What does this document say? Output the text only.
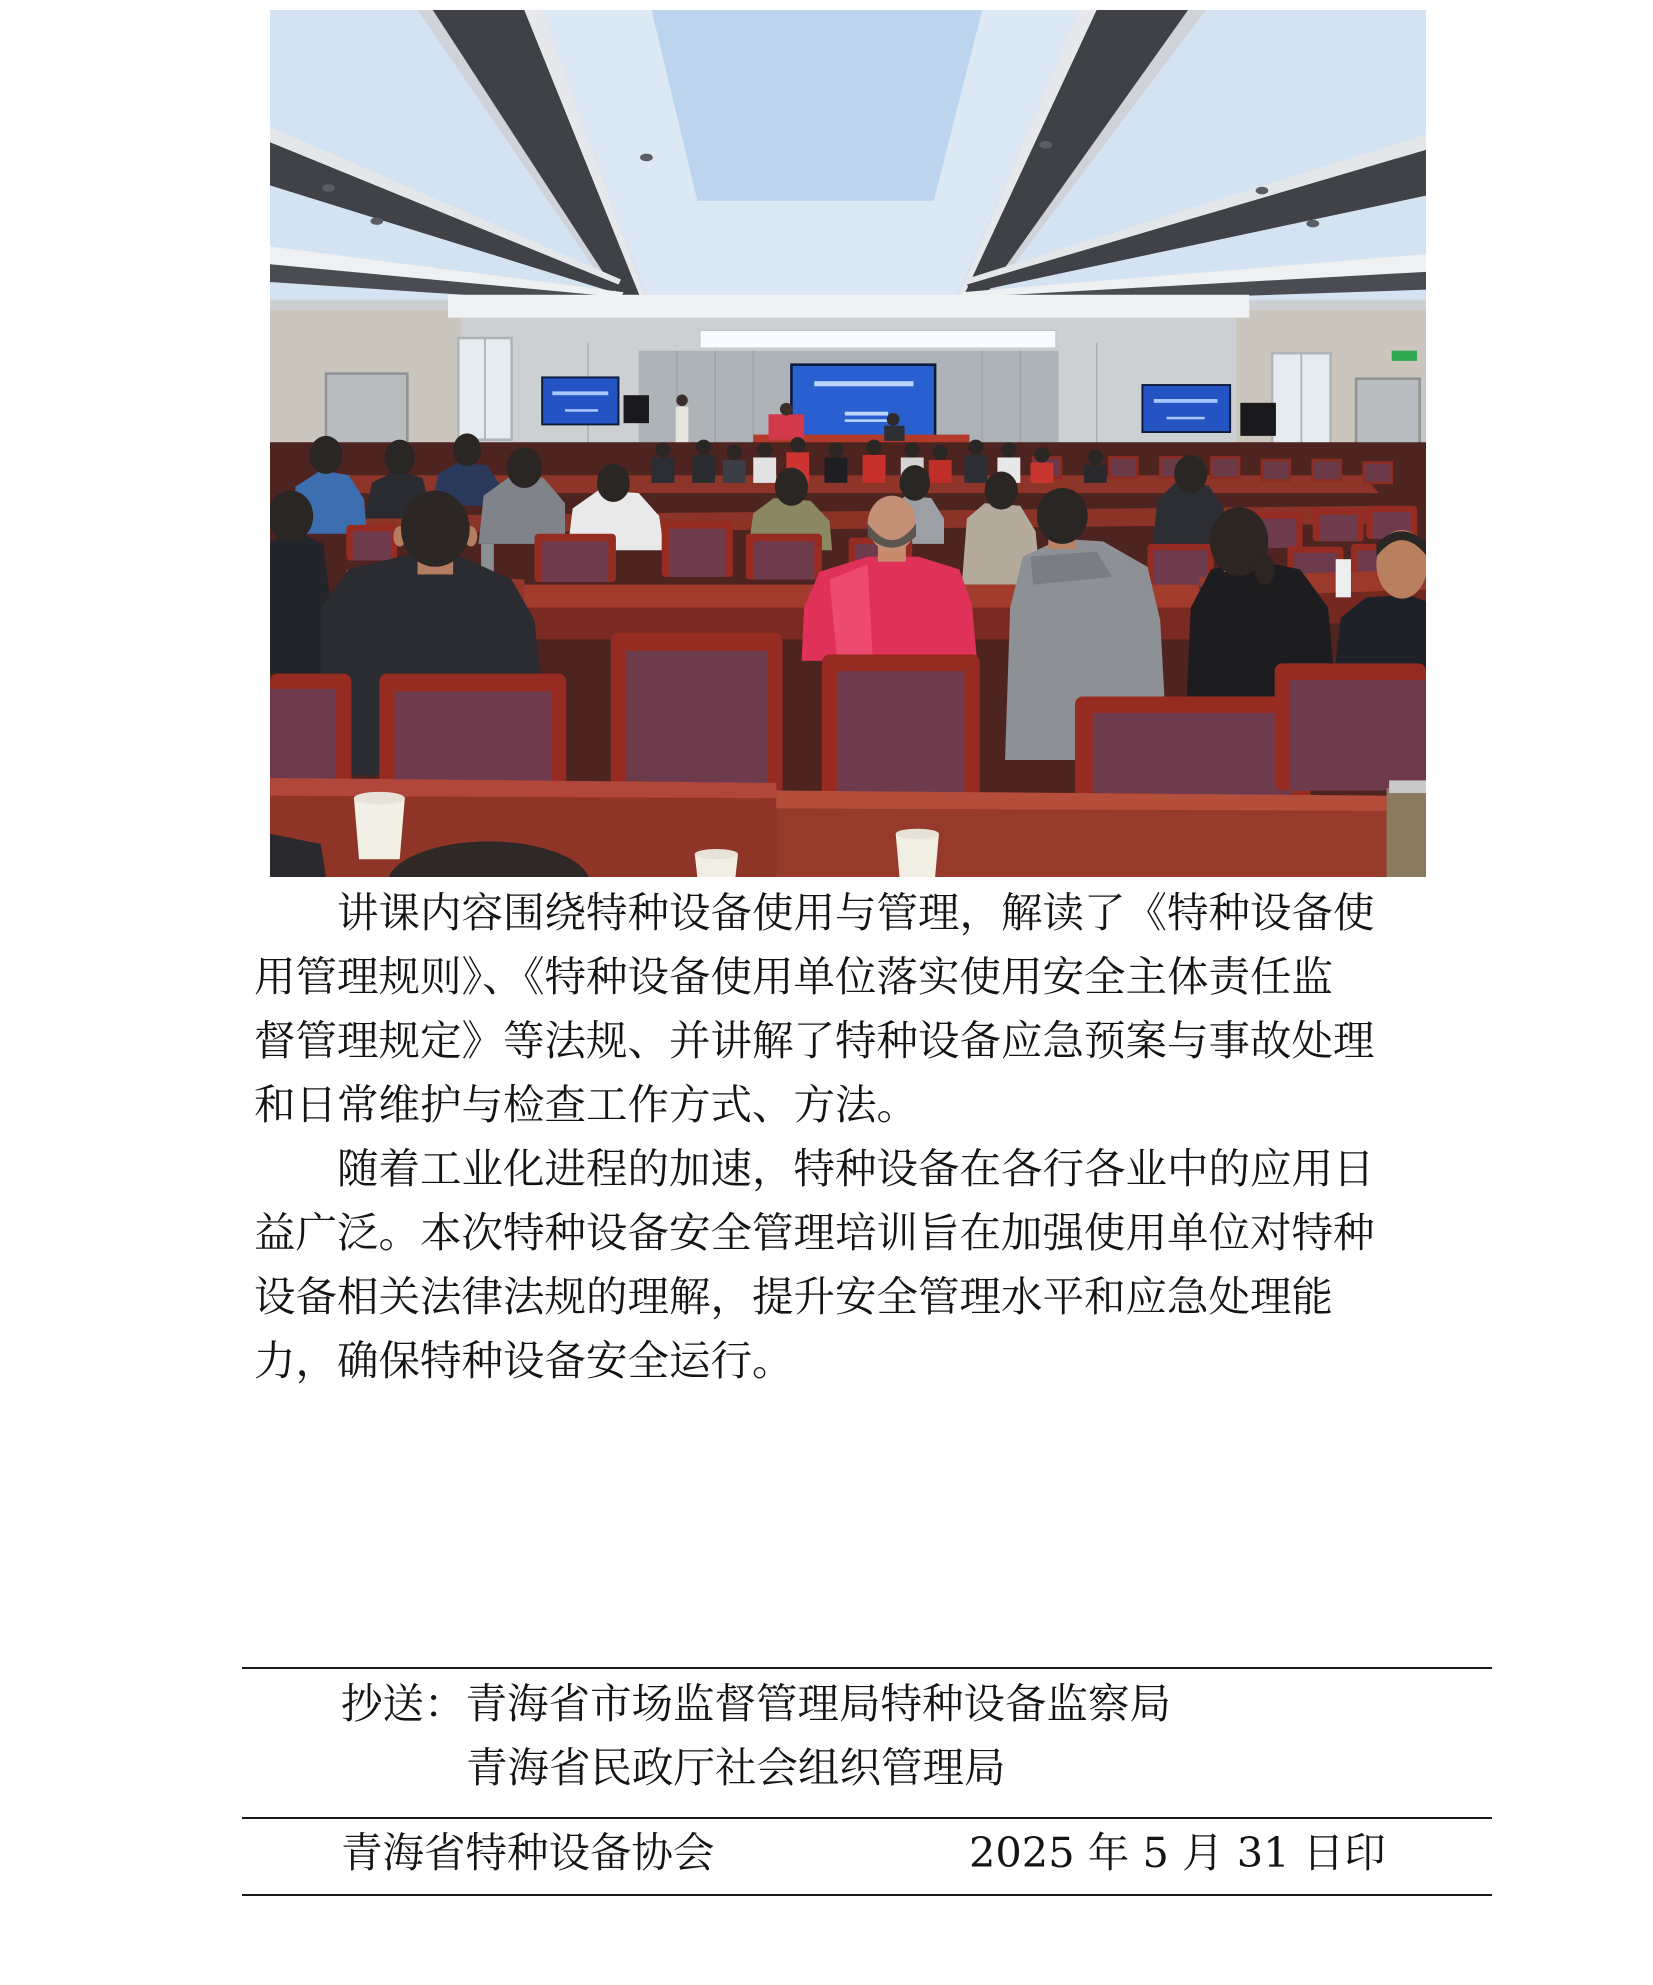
讲课内容围绕特种设备使用与管理，解读了《特种设备使
用管理规则》、《特种设备使用单位落实使用安全主体责任监
督管理规定》等法规、并讲解了特种设备应急预案与事故处理
和日常维护与检查工作方式、方法。
随着工业化进程的加速，特种设备在各行各业中的应用日
益广泛。本次特种设备安全管理培训旨在加强使用单位对特种
设备相关法律法规的理解，提升安全管理水平和应急处理能
力，确保特种设备安全运行。
抄送：青海省市场监督管理局特种设备监察局
青海省民政厅社会组织管理局
青海省特种设备协会	2025 年 5 月 31 日印
